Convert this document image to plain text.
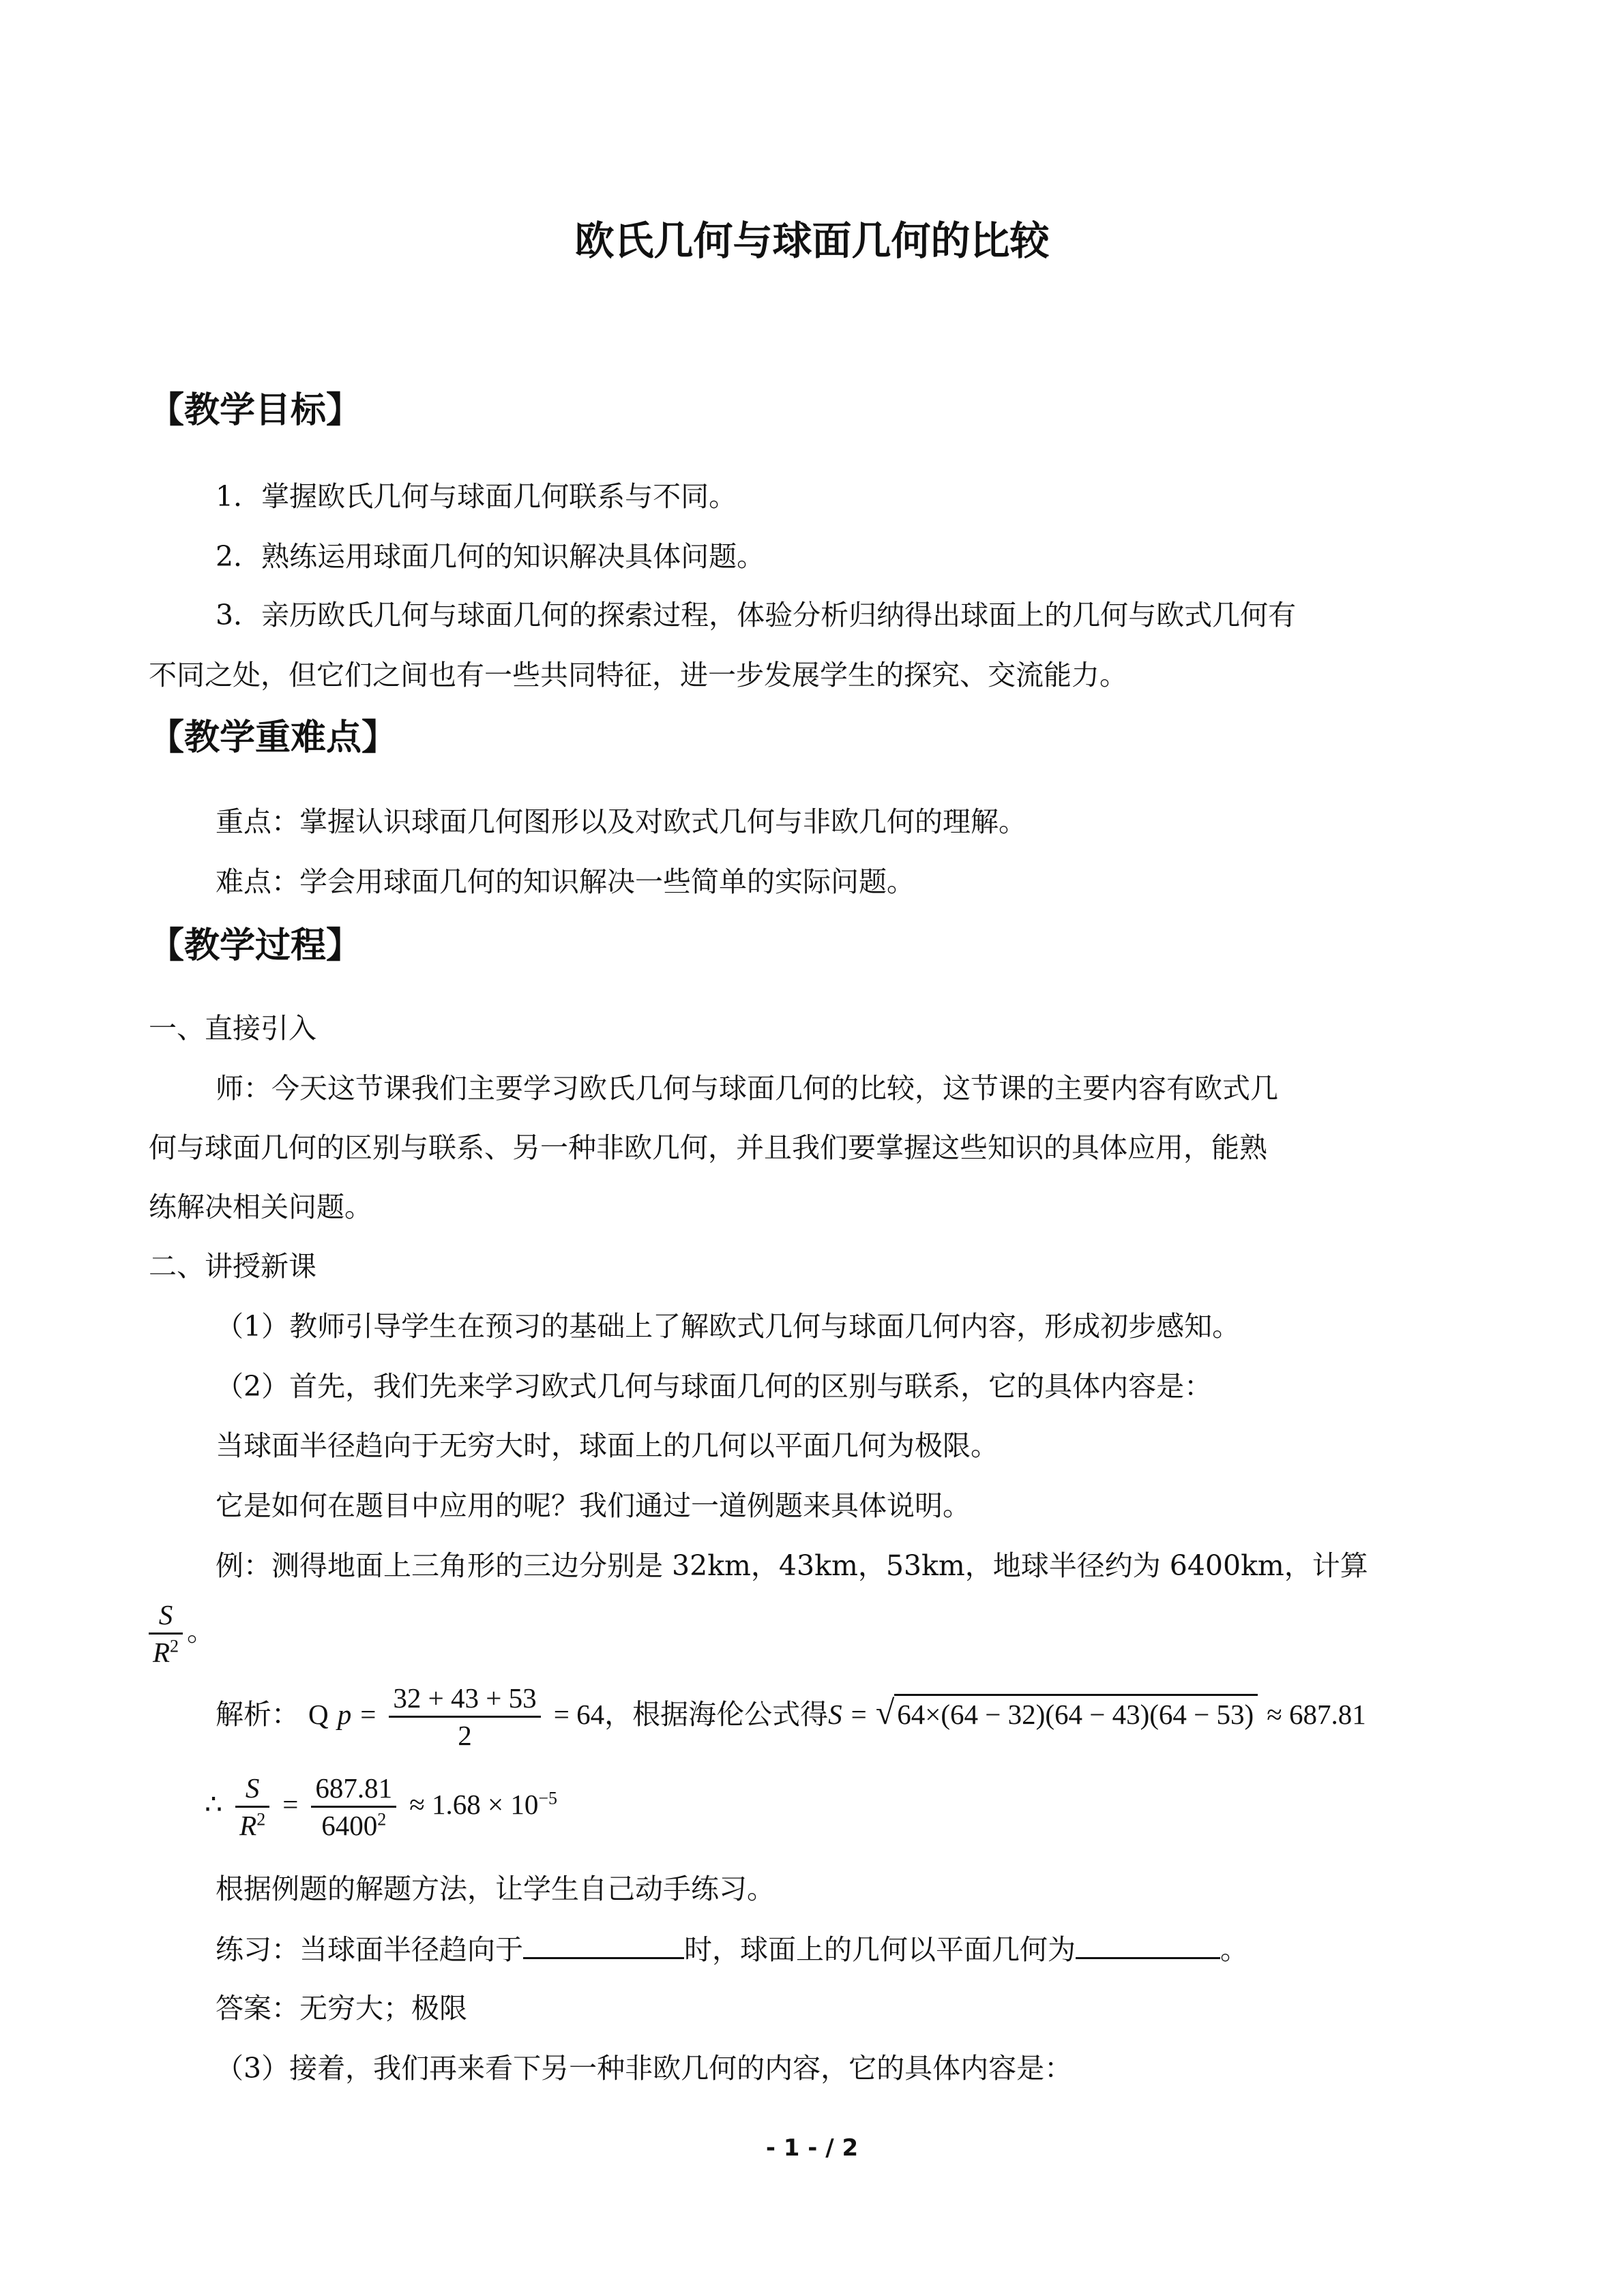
欧氏几何与球面几何的比较
【教学目标】
1．掌握欧氏几何与球面几何联系与不同。
2．熟练运用球面几何的知识解决具体问题。
3．亲历欧氏几何与球面几何的探索过程，体验分析归纳得出球面上的几何与欧式几何有
不同之处，但它们之间也有一些共同特征，进一步发展学生的探究、交流能力。
【教学重难点】
重点：掌握认识球面几何图形以及对欧式几何与非欧几何的理解。
难点：学会用球面几何的知识解决一些简单的实际问题。
【教学过程】
一、直接引入
师：今天这节课我们主要学习欧氏几何与球面几何的比较，这节课的主要内容有欧式几
何与球面几何的区别与联系、另一种非欧几何，并且我们要掌握这些知识的具体应用，能熟
练解决相关问题。
二、讲授新课
（1）教师引导学生在预习的基础上了解欧式几何与球面几何内容，形成初步感知。
（2）首先，我们先来学习欧式几何与球面几何的区别与联系，它的具体内容是：
当球面半径趋向于无穷大时，球面上的几何以平面几何为极限。
它是如何在题目中应用的呢？我们通过一道例题来具体说明。
例：测得地面上三角形的三边分别是 32km，43km，53km，地球半径约为 6400km，计算
$\frac{S}{R^2}$ 。
解析： Q $p = \frac{32 + 43 + 53}{2} = 64$，根据海伦公式得S = √64×(64 − 32)(64 − 43)(64 − 53) ≈ 687.81
∴ $\frac{S}{R^2} = \frac{687.81}{6400^2} \approx 1.68 \times 10^{-5}$
根据例题的解题方法，让学生自己动手练习。
练习：当球面半径趋向于	时，球面上的几何以平面几何为	。
答案：无穷大；极限
（3）接着，我们再来看下另一种非欧几何的内容，它的具体内容是：
- 1 - / 2
